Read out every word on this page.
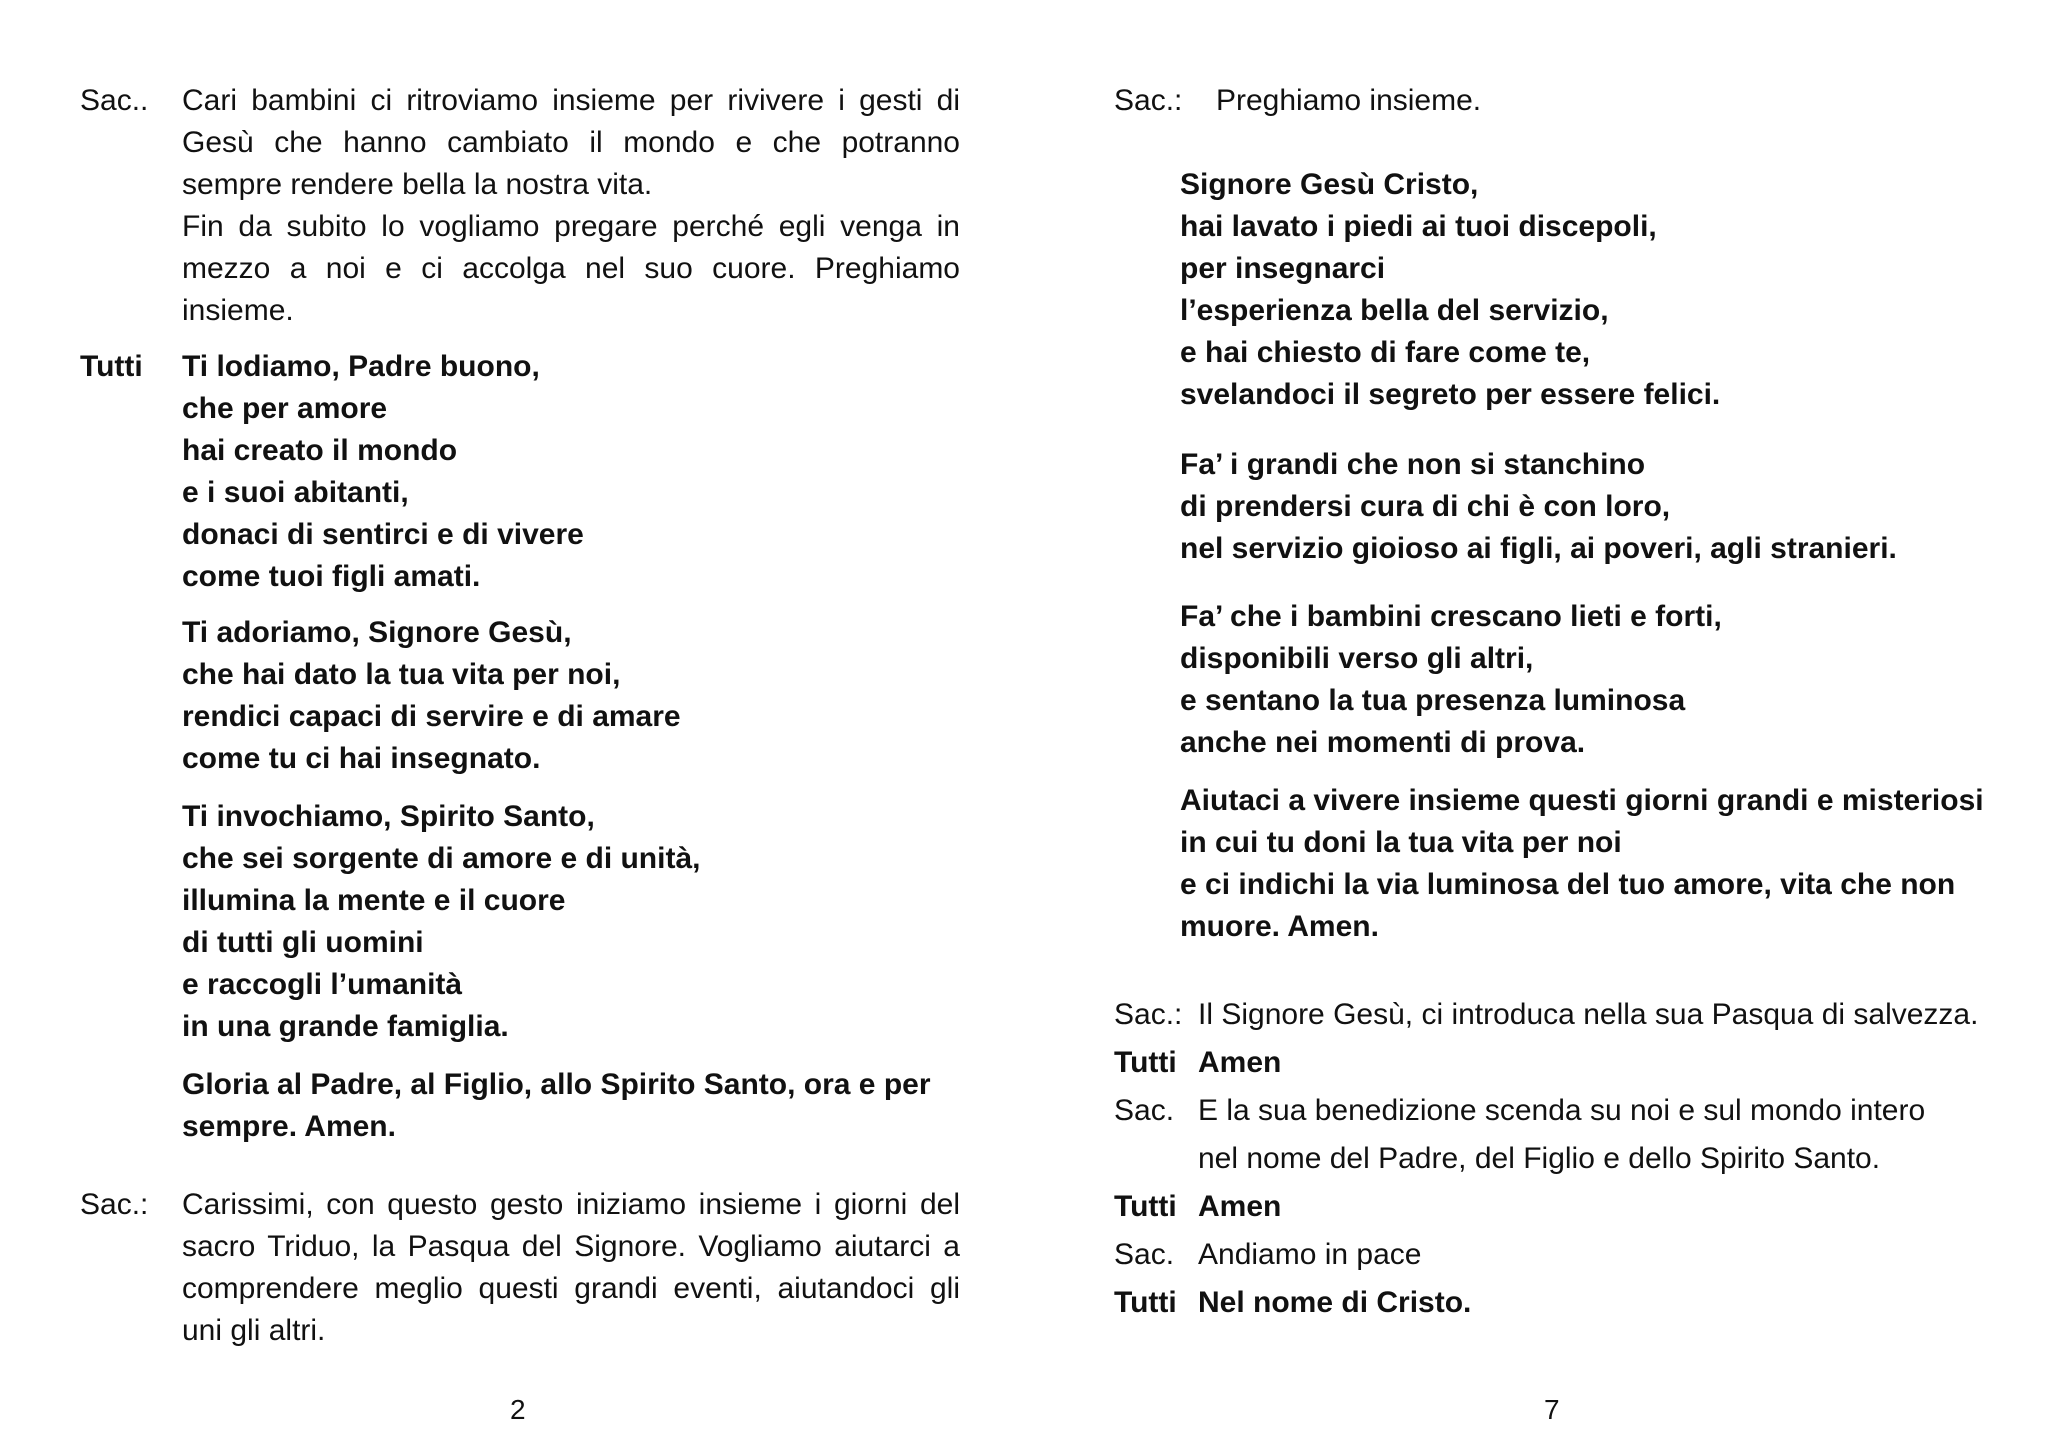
Sac.. Cari bambini ci ritroviamo insieme per rivivere i gesti di Gesù che hanno cambiato il mondo e che potranno sempre rendere bella la nostra vita.

Fin da subito lo vogliamo pregare perché egli venga in mezzo a noi e ci accolga nel suo cuore. Preghiamo insieme.

Tutti Ti lodiamo, Padre buono,
che per amore
hai creato il mondo
e i suoi abitanti,
donaci di sentirci e di vivere
come tuoi figli amati.
Ti adoriamo, Signore Gesù,
che hai dato la tua vita per noi,
rendici capaci di servire e di amare
come tu ci hai insegnato.
Ti invochiamo, Spirito Santo,
che sei sorgente di amore e di unità,
illumina la mente e il cuore
di tutti gli uomini
e raccogli l’umanità
in una grande famiglia.
Gloria al Padre, al Figlio, allo Spirito Santo, ora e per
sempre. Amen.
Sac.: Carissimi, con questo gesto iniziamo insieme i giorni del sacro Triduo, la Pasqua del Signore. Vogliamo aiutarci a comprendere meglio questi grandi eventi, aiutandoci gli uni gli altri.

2
Sac.: Preghiamo insieme.
Signore Gesù Cristo,
hai lavato i piedi ai tuoi discepoli,
per insegnarci
l’esperienza bella del servizio,
e hai chiesto di fare come te,
svelandoci il segreto per essere felici.
Fa’ i grandi che non si stanchino
di prendersi cura di chi è con loro,
nel servizio gioioso ai figli, ai poveri, agli stranieri.
Fa’ che i bambini crescano lieti e forti,
disponibili verso gli altri,
e sentano la tua presenza luminosa
anche nei momenti di prova.
Aiutaci a vivere insieme questi giorni grandi e misteriosi
in cui tu doni la tua vita per noi
e ci indichi la via luminosa del tuo amore, vita che non
muore. Amen.
Sac.: Il Signore Gesù, ci introduca nella sua Pasqua di salvezza.
Tutti Amen
Sac. E la sua benedizione scenda su noi e sul mondo intero
nel nome del Padre, del Figlio e dello Spirito Santo.
Tutti Amen
Sac. Andiamo in pace
Tutti Nel nome di Cristo.
7
